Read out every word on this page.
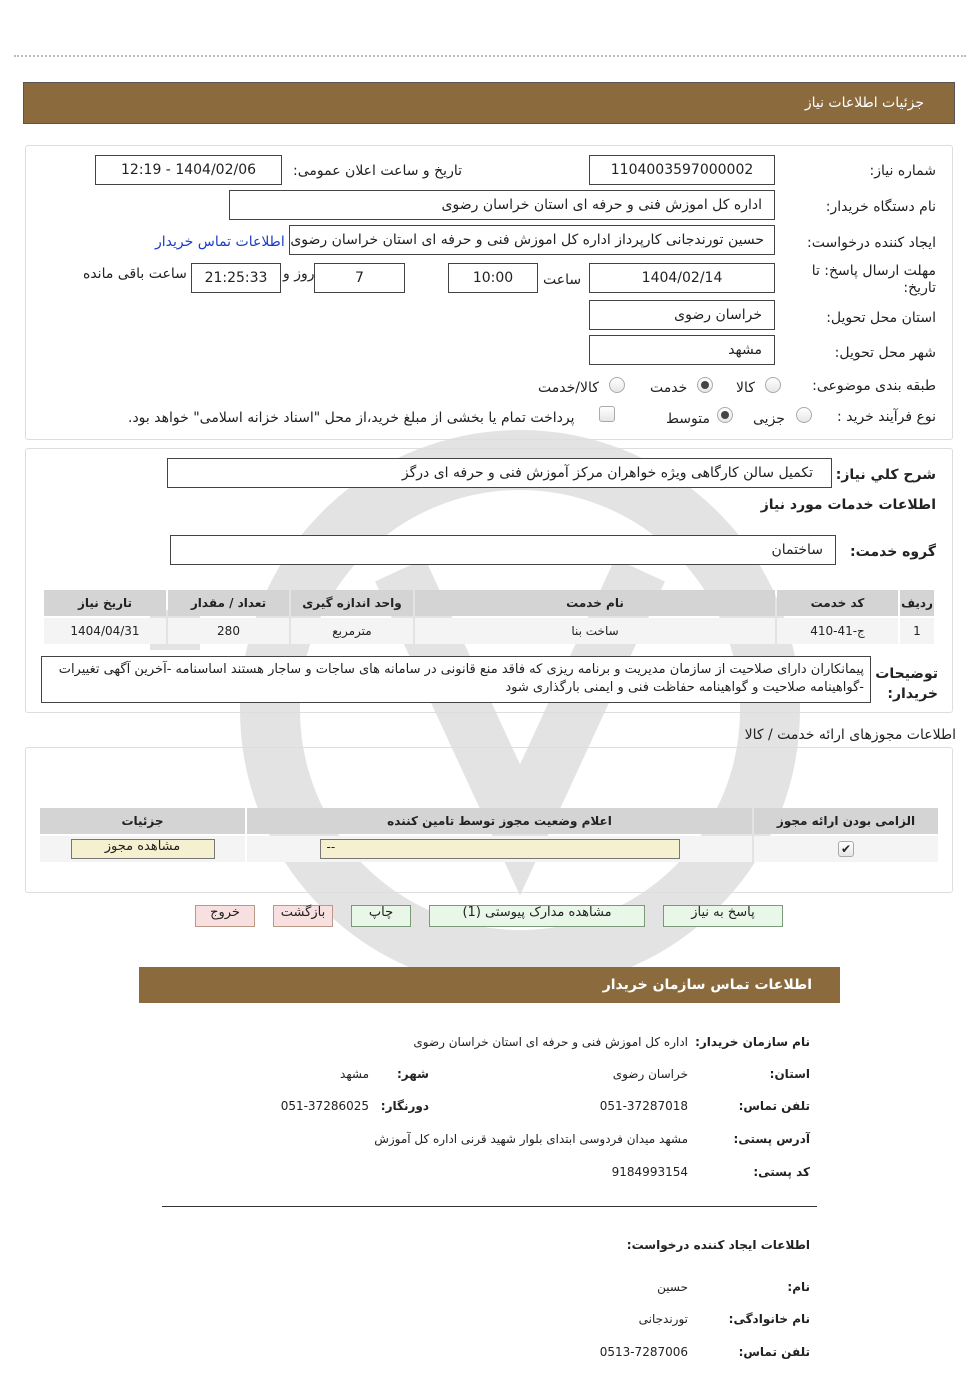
جزئيات اطلاعات نياز
شماره نیاز:
1104003597000002
تاریخ و ساعت اعلان عمومی:
1404/02/06 - 12:19
نام دستگاه خریدار:
اداره کل اموزش فنی و حرفه ای استان خراسان رضوی
ایجاد کننده درخواست:
حسین تورندجانی کارپرداز اداره کل اموزش فنی و حرفه ای استان خراسان رضوی
اطلاعات تماس خریدار
مهلت ارسال پاسخ: تا
تاریخ:
1404/02/14
ساعت
10:00
7
روز و
21:25:33
ساعت باقی مانده
استان محل تحویل:
خراسان رضوی
شهر محل تحویل:
مشهد
طبقه بندی موضوعی:
کالا
خدمت
کالا/خدمت
نوع فرآیند خرید :
جزیی
متوسط
پرداخت تمام یا بخشی از مبلغ خرید،از محل "اسناد خزانه اسلامی" خواهد بود.
شرح کلي نياز:
تکمیل سالن کارگاهی ویژه خواهران مرکز آموزش فنی و حرفه ای درگز
اطلاعات خدمات مورد نیاز
گروه خدمت:
ساختمان
ردیف	کد خدمت	نام خدمت	واحد اندازه گیری	تعداد / مقدار	تاریخ نیاز
1	ج-41-410	ساخت بنا	مترمربع	280	1404/04/31
توضیحات خریدار:
پیمانکاران دارای صلاحیت از سازمان مدیریت و برنامه ریزی که فاقد منع قانونی در سامانه های ساجات و ساجار هستند اساسنامه -آخرین آگهی تغییرات -گواهینامه صلاحیت و گواهینامه حفاظت فنی و ایمنی بارگذاری شود
اطلاعات مجوزهای ارائه خدمت / کالا
الزامی بودن ارائه مجوز	اعلام وضعیت مجوز توسط تامین کننده	جزئیات
✔	--	مشاهده مجوز
پاسخ به نیاز
مشاهده مدارک پیوستی (1)
چاپ
بازگشت
خروج
اطلاعات تماس سازمان خریدار
نام سازمان خریدار:
اداره کل اموزش فنی و حرفه ای استان خراسان رضوی
استان:
خراسان رضوی
شهر:
مشهد
تلفن تماس:
051-37287018
دورنگار:
051-37286025
آدرس پستی:
مشهد میدان فردوسی ابتدای بلوار شهید قرنی اداره کل آموزش
کد پستی:
9184993154
اطلاعات ایجاد کننده درخواست:
نام:
حسین
نام خانوادگی:
تورندجانی
تلفن تماس:
0513-7287006
